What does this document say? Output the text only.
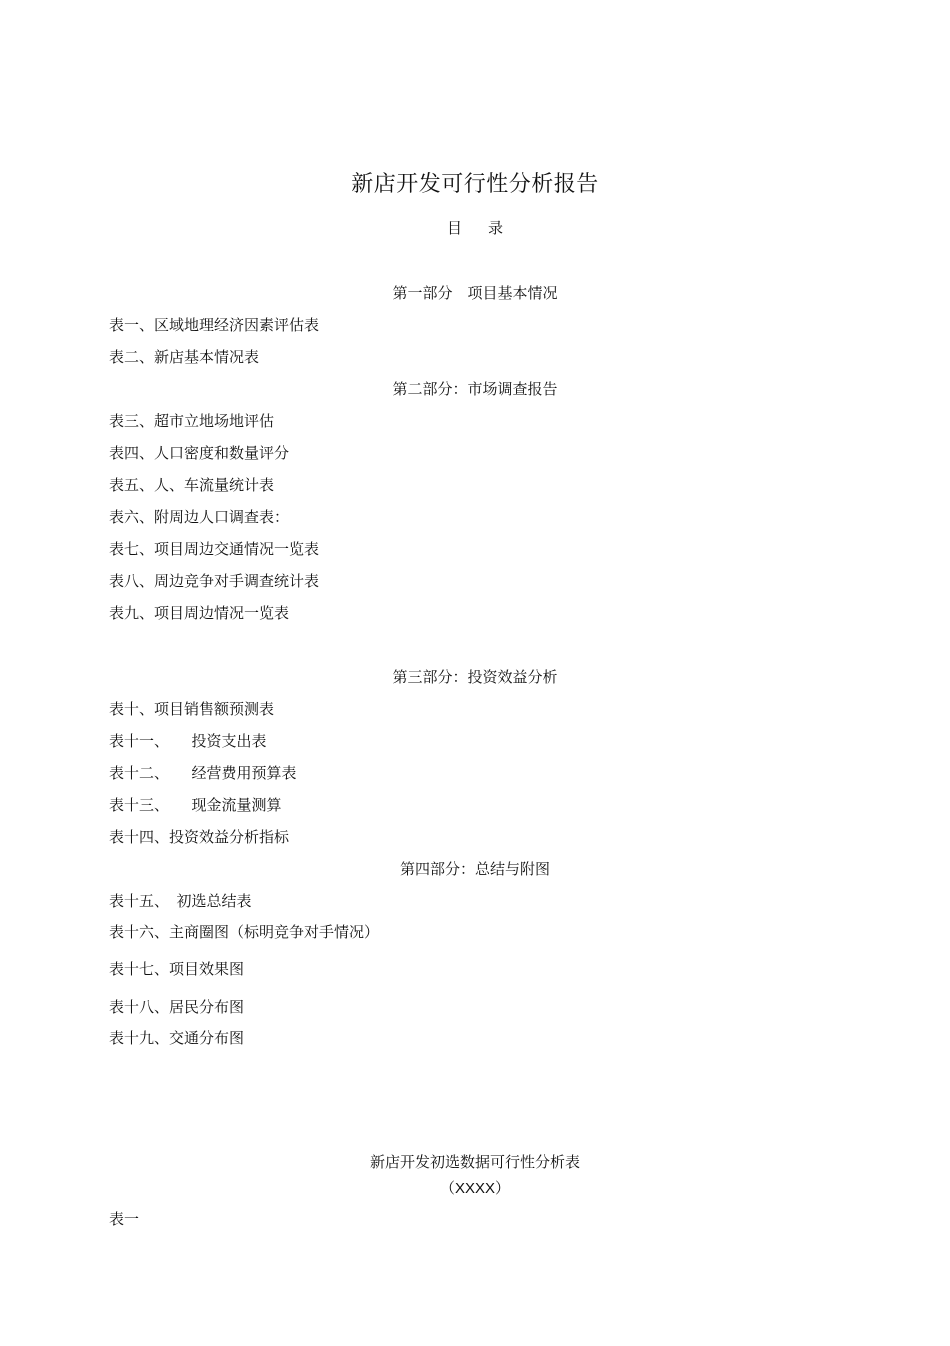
新店开发可行性分析报告
目录
第一部分　项目基本情况
表一、区域地理经济因素评估表
表二、新店基本情况表
第二部分：市场调查报告
表三、超市立地场地评估
表四、人口密度和数量评分
表五、人、车流量统计表
表六、附周边人口调查表：
表七、项目周边交通情况一览表
表八、周边竞争对手调查统计表
表九、项目周边情况一览表
第三部分：投资效益分析
表十、项目销售额预测表
表十一、　　投资支出表
表十二、　　经营费用预算表
表十三、　　现金流量测算
表十四、投资效益分析指标
第四部分：总结与附图
表十五、　初选总结表
表十六、主商圈图（标明竞争对手情况）
表十七、项目效果图
表十八、居民分布图
表十九、交通分布图
新店开发初选数据可行性分析表
（XXXX）
表一
